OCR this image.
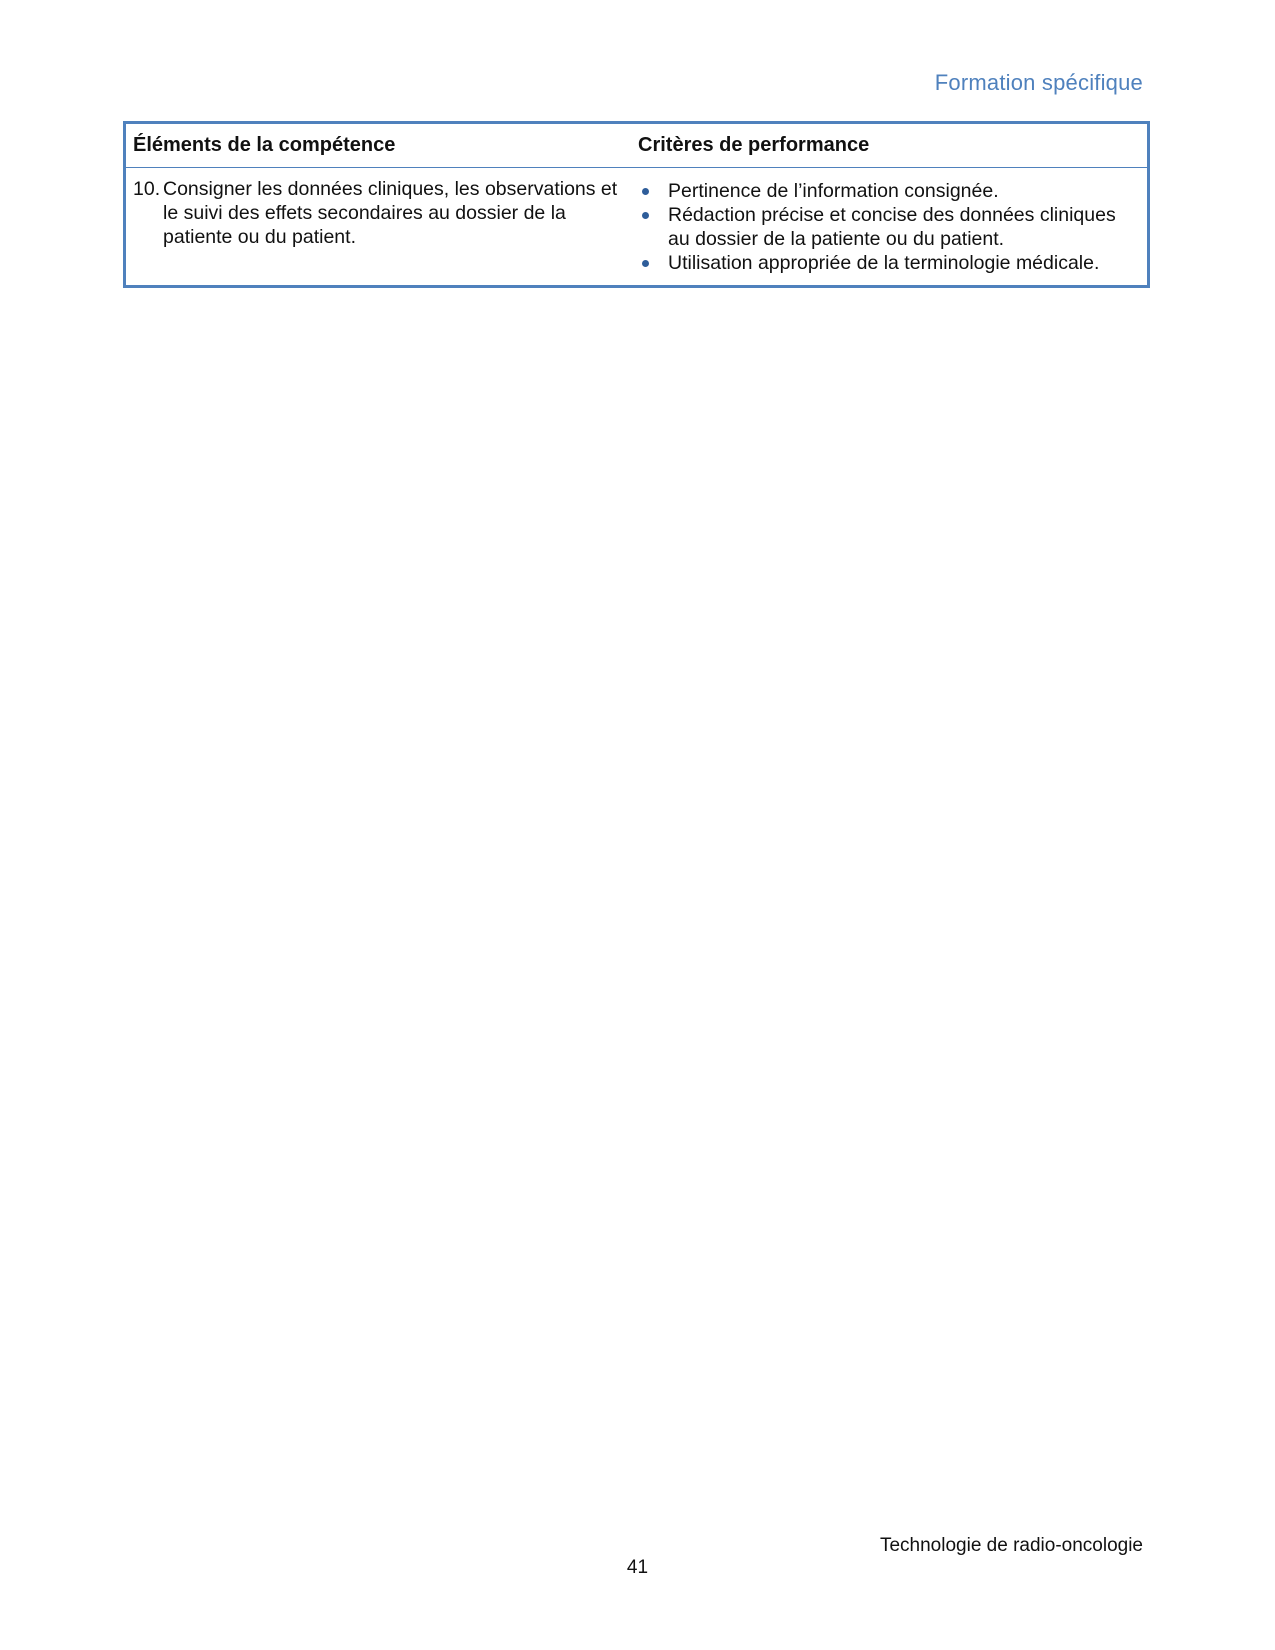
Formation spécifique
Éléments de la compétence	Critères de performance
10. Consigner les données cliniques, les observations et le suivi des effets secondaires au dossier de la patiente ou du patient.
Pertinence de l’information consignée.
Rédaction précise et concise des données cliniques au dossier de la patiente ou du patient.
Utilisation appropriée de la terminologie médicale.
Technologie de radio-oncologie
41
